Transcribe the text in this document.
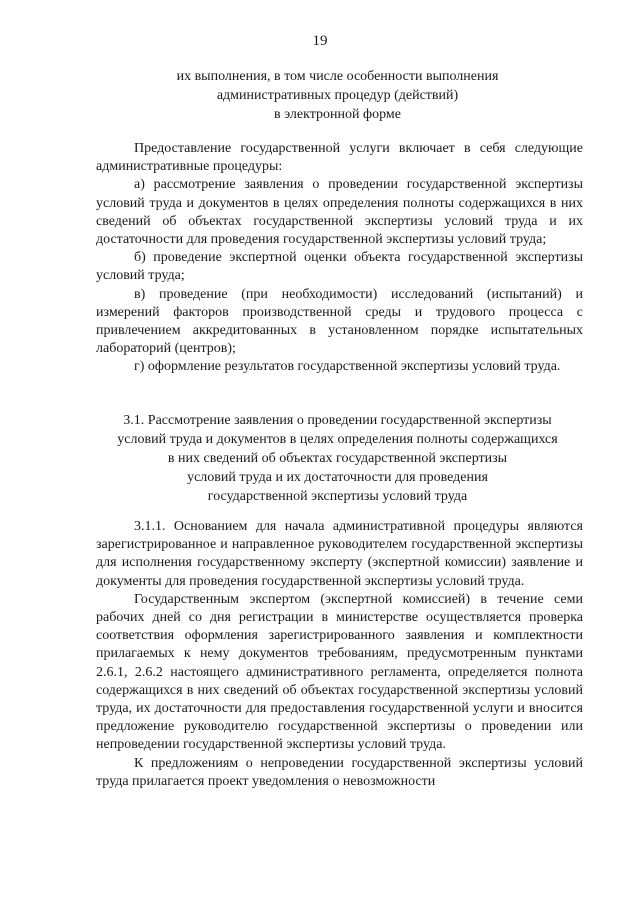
19
их выполнения, в том числе особенности выполнения
административных процедур (действий)
в электронной форме

Предоставление государственной услуги включает в себя следующие административные процедуры:

а) рассмотрение заявления о проведении государственной экспертизы условий труда и документов в целях определения полноты содержащихся в них сведений об объектах государственной экспертизы условий труда и их достаточности для проведения государственной экспертизы условий труда;

б) проведение экспертной оценки объекта государственной экспертизы условий труда;

в) проведение (при необходимости) исследований (испытаний) и измерений факторов производственной среды и трудового процесса с привлечением аккредитованных в установленном порядке испытательных лабораторий (центров);

г) оформление результатов государственной экспертизы условий труда.

3.1. Рассмотрение заявления о проведении государственной экспертизы
условий труда и документов в целях определения полноты содержащихся
в них сведений об объектах государственной экспертизы
условий труда и их достаточности для проведения
государственной экспертизы условий труда

3.1.1. Основанием для начала административной процедуры являются зарегистрированное и направленное руководителем государственной экспертизы для исполнения государственному эксперту (экспертной комиссии) заявление и документы для проведения государственной экспертизы условий труда.

Государственным экспертом (экспертной комиссией) в течение семи рабочих дней со дня регистрации в министерстве осуществляется проверка соответствия оформления зарегистрированного заявления и комплектности прилагаемых к нему документов требованиям, предусмотренным пунктами 2.6.1, 2.6.2 настоящего административного регламента, определяется полнота содержащихся в них сведений об объектах государственной экспертизы условий труда, их достаточности для предоставления государственной услуги и вносится предложение руководителю государственной экспертизы о проведении или непроведении государственной экспертизы условий труда.

К предложениям о непроведении государственной экспертизы условий труда прилагается проект уведомления о невозможности
